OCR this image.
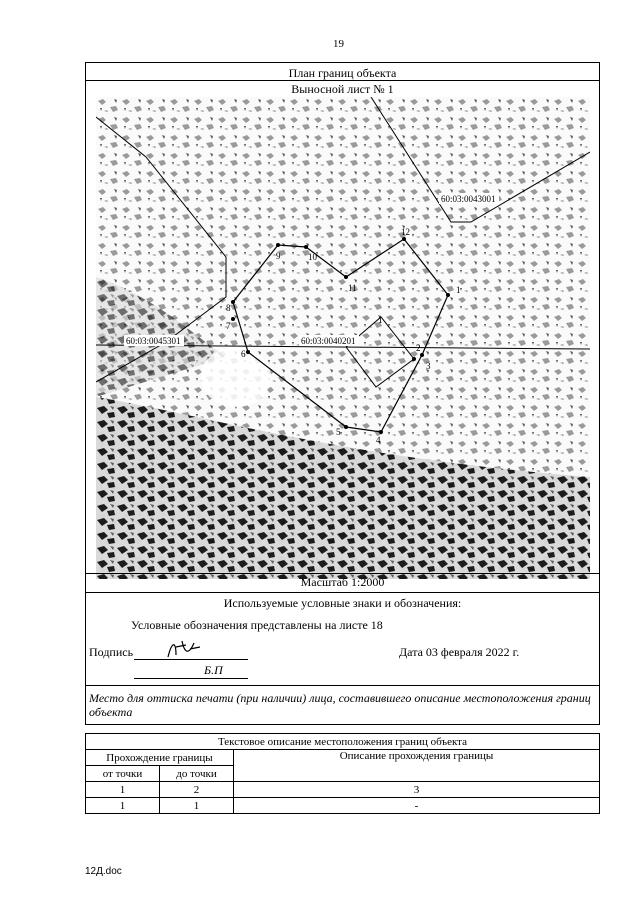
19
План границ объекта
Выносной лист № 1
1
2
3
4
5
6
7
8
9	10
11
12
1
60:03:0043001
60:03:0045301	60:03:0040201
Масштаб 1:2000
Используемые условные знаки и обозначения:
Условные обозначения представлены на листе 18
Подпись
Б.П
Дата 03 февраля 2022 г.
Место для оттиска печати (при наличии) лица, составившего описание местоположения границ объекта
Текстовое описание местоположения границ объекта		
Прохождение границы		Описание прохождения границы
от точки	до точки	
1	2	3
1	1	-
12Д.doc
